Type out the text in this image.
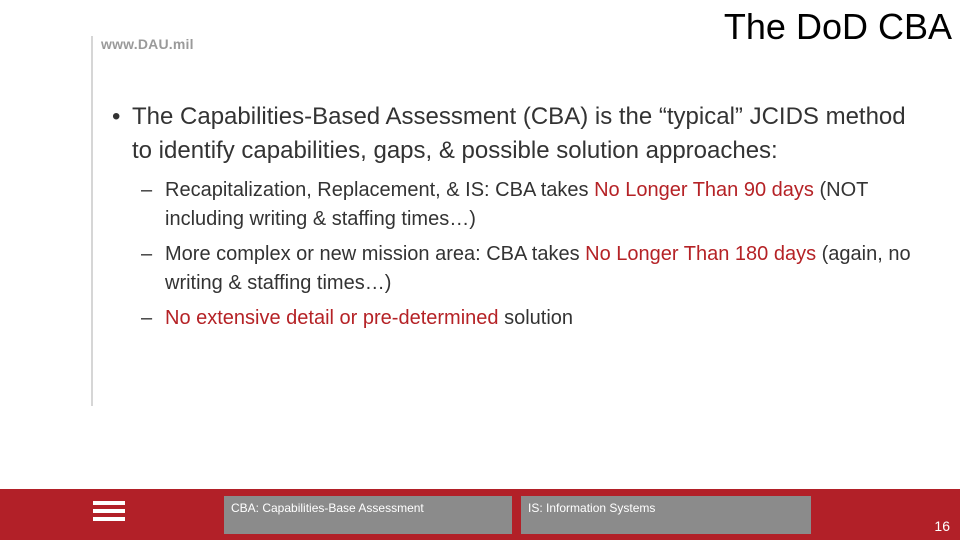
www.DAU.mil	The DoD CBA
• The Capabilities-Based Assessment (CBA) is the “typical” JCIDS method to identify capabilities, gaps, & possible solution approaches:
– Recapitalization, Replacement, & IS: CBA takes No Longer Than 90 days (NOT including writing & staffing times…)
– More complex or new mission area: CBA takes No Longer Than 180 days (again, no writing & staffing times…)
– No extensive detail or pre-determined solution
CBA: Capabilities-Base Assessment	IS: Information Systems
16
